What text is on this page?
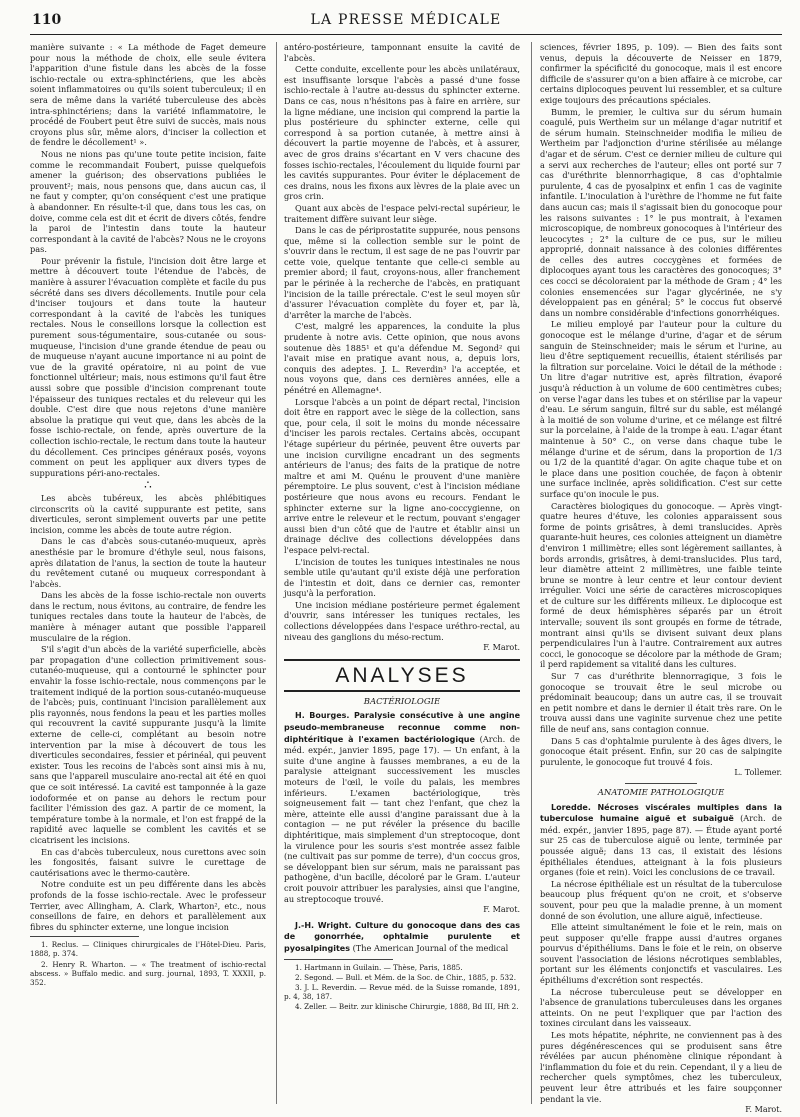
110	LA PRESSE MÉDICALE

manière suivante : « La méthode de Faget demeure pour nous la méthode de choix, elle seule évitera l'apparition d'une fistule dans les abcès de la fosse ischio-rectale ou extra-sphinctériens, que les abcès soient inflammatoires ou qu'ils soient tuberculeux; il en sera de même dans la variété tuberculeuse des abcès intra-sphinctériens; dans la variété inflammatoire, le procédé de Foubert peut être suivi de succès, mais nous croyons plus sûr, même alors, d'inciser la collection et de fendre le décollement¹ ».

Nous ne nions pas qu'une toute petite incision, faite comme le recommandait Foubert, puisse quelquefois amener la guérison; des observations publiées le prouvent²; mais, nous pensons que, dans aucun cas, il ne faut y compter, qu'on conséquent c'est une pratique à abandonner. En résulte-t-il que, dans tous les cas, on doive, comme cela est dit et écrit de divers côtés, fendre la paroi de l'intestin dans toute la hauteur correspondant à la cavité de l'abcès? Nous ne le croyons pas.

Pour prévenir la fistule, l'incision doit être large et mettre à découvert toute l'étendue de l'abcès, de manière à assurer l'évacuation complète et facile du pus sécrété dans ses divers décollements. Inutile pour cela d'inciser toujours et dans toute la hauteur correspondant à la cavité de l'abcès les tuniques rectales. Nous le conseillons lorsque la collection est purement sous-tégumentaire, sous-cutanée ou sous-muqueuse, l'incision d'une grande étendue de peau ou de muqueuse n'ayant aucune importance ni au point de vue de la gravité opératoire, ni au point de vue fonctionnel ultérieur; mais, nous estimons qu'il faut être aussi sobre que possible d'incision comprenant toute l'épaisseur des tuniques rectales et du releveur qui les double. C'est dire que nous rejetons d'une manière absolue la pratique qui veut que, dans les abcès de la fosse ischio-rectale, on fende, après ouverture de la collection ischio-rectale, le rectum dans toute la hauteur du décollement. Ces principes généraux posés, voyons comment on peut les appliquer aux divers types de suppurations péri-ano-rectales.

∴

Les abcès tubéreux, les abcès phlébitiques circonscrits où la cavité suppurante est petite, sans diverticules, seront simplement ouverts par une petite incision, comme les abcès de toute autre région.

Dans le cas d'abcès sous-cutanéo-muqueux, après anesthésie par le bromure d'éthyle seul, nous faisons, après dilatation de l'anus, la section de toute la hauteur du revêtement cutané ou muqueux correspondant à l'abcès.

Dans les abcès de la fosse ischio-rectale non ouverts dans le rectum, nous évitons, au contraire, de fendre les tuniques rectales dans toute la hauteur de l'abcès, de manière à ménager autant que possible l'appareil musculaire de la région.

S'il s'agit d'un abcès de la variété superficielle, abcès par propagation d'une collection primitivement sous-cutanéo-muqueuse, qui a contourné le sphincter pour envahir la fosse ischio-rectale, nous commençons par le traitement indiqué de la portion sous-cutanéo-muqueuse de l'abcès; puis, continuant l'incision parallèlement aux plis rayonnés, nous fendons la peau et les parties molles qui recouvrent la cavité suppurante jusqu'à la limite externe de celle-ci, complétant au besoin notre intervention par la mise à découvert de tous les diverticules secondaires, fessier et périnéal, qui peuvent exister. Tous les recoins de l'abcès sont ainsi mis à nu, sans que l'appareil musculaire ano-rectal ait été en quoi que ce soit intéressé. La cavité est tamponnée à la gaze iodoformée et on panse au dehors le rectum pour faciliter l'émission des gaz. A partir de ce moment, la température tombe à la normale, et l'on est frappé de la rapidité avec laquelle se comblent les cavités et se cicatrisent les incisions.

En cas d'abcès tuberculeux, nous curettons avec soin les fongosités, faisant suivre le curettage de cautérisations avec le thermo-cautère.

Notre conduite est un peu différente dans les abcès profonds de la fosse ischio-rectale. Avec le professeur Terrier, avec Allingham, A. Clark, Wharton², etc., nous conseillons de faire, en dehors et parallèlement aux fibres du sphincter externe, une longue incision

1. Reclus. — Cliniques chirurgicales de l'Hôtel-Dieu. Paris, 1888, p. 374.

2. Henry R. Wharton. — « The treatment of ischio-rectal abscess. » Buffalo medic. and surg. journal, 1893, T. XXXII, p. 352.

antéro-postérieure, tamponnant ensuite la cavité de l'abcès.

Cette conduite, excellente pour les abcès unilatéraux, est insuffisante lorsque l'abcès a passé d'une fosse ischio-rectale à l'autre au-dessus du sphincter externe. Dans ce cas, nous n'hésitons pas à faire en arrière, sur la ligne médiane, une incision qui comprend la partie la plus postérieure du sphincter externe, celle qui correspond à sa portion cutanée, à mettre ainsi à découvert la partie moyenne de l'abcès, et à assurer, avec de gros drains s'écartant en V vers chacune des fosses ischio-rectales, l'écoulement du liquide fourni par les cavités suppurantes. Pour éviter le déplacement de ces drains, nous les fixons aux lèvres de la plaie avec un gros crin.

Quant aux abcès de l'espace pelvi-rectal supérieur, le traitement diffère suivant leur siège.

Dans le cas de périprostatite suppurée, nous pensons que, même si la collection semble sur le point de s'ouvrir dans le rectum, il est sage de ne pas l'ouvrir par cette voie, quelque tentante que celle-ci semble au premier abord; il faut, croyons-nous, aller franchement par le périnée à la recherche de l'abcès, en pratiquant l'incision de la taille prérectale. C'est le seul moyen sûr d'assurer l'évacuation complète du foyer et, par là, d'arrêter la marche de l'abcès.

C'est, malgré les apparences, la conduite la plus prudente à notre avis. Cette opinion, que nous avons soutenue dès 1885¹ et qu'a défendue M. Segond² qui l'avait mise en pratique avant nous, a, depuis lors, conquis des adeptes. J. L. Reverdin³ l'a acceptée, et nous voyons que, dans ces dernières années, elle a pénétré en Allemagne⁴.

Lorsque l'abcès a un point de départ rectal, l'incision doit être en rapport avec le siège de la collection, sans que, pour cela, il soit le moins du monde nécessaire d'inciser les parois rectales. Certains abcès, occupant l'étage supérieur du périnée, peuvent être ouverts par une incision curviligne encadrant un des segments antérieurs de l'anus; des faits de la pratique de notre maître et ami M. Quénu le prouvent d'une manière péremptoire. Le plus souvent, c'est à l'incision médiane postérieure que nous avons eu recours. Fendant le sphincter externe sur la ligne ano-coccygienne, on arrive entre le releveur et le rectum, pouvant s'engager aussi bien d'un côté que de l'autre et établir ainsi un drainage déclive des collections développées dans l'espace pelvi-rectal.

L'incision de toutes les tuniques intestinales ne nous semble utile qu'autant qu'il existe déjà une perforation de l'intestin et doit, dans ce dernier cas, remonter jusqu'à la perforation.

Une incision médiane postérieure permet également d'ouvrir, sans intéresser les tuniques rectales, les collections développées dans l'espace uréthro-rectal, au niveau des ganglions du méso-rectum.

F. Marot.
ANALYSES
BACTÉRIOLOGIE

H. Bourges. Paralysie consécutive à une angine pseudo-membraneuse reconnue comme non-diphtéritique à l'examen bactériologique (Arch. de méd. expér., janvier 1895, page 17). — Un enfant, à la suite d'une angine à fausses membranes, a eu de la paralysie atteignant successivement les muscles moteurs de l'œil, le voile du palais, les membres inférieurs. L'examen bactériologique, très soigneusement fait — tant chez l'enfant, que chez la mère, atteinte elle aussi d'angine paraissant due à la contagion — ne put révéler la présence du bacille diphtéritique, mais simplement d'un streptocoque, dont la virulence pour les souris s'est montrée assez faible (ne cultivait pas sur pomme de terre), d'un coccus gros, se développant bien sur sérum, mais ne paraissant pas pathogène, d'un bacille, décoloré par le Gram. L'auteur croit pouvoir attribuer les paralysies, ainsi que l'angine, au streptocoque trouvé.

F. Marot.

J.-H. Wright. Culture du gonocoque dans des cas de gonorrhée, ophtalmie purulente et pyosalpingites (The American Journal of the medical

1. Hartmann in Guilain. — Thèse, Paris, 1885.

2. Segond. — Bull. et Mém. de la Soc. de Chir., 1885, p. 532.

3. J. L. Reverdin. — Revue méd. de la Suisse romande, 1891, p. 4, 38, 187.

4. Zeller. — Beitr. zur klinische Chirurgie, 1888, Bd III, Hft 2.

sciences, février 1895, p. 109). — Bien des faits sont venus, depuis la découverte de Neisser en 1879, confirmer la spécificité du gonocoque, mais il est encore difficile de s'assurer qu'on a bien affaire à ce microbe, car certains diplocoques peuvent lui ressembler, et sa culture exige toujours des précautions spéciales.

Bumm, le premier, le cultiva sur du sérum humain coagulé, puis Wertheim sur un mélange d'agar nutritif et de sérum humain. Steinschneider modifia le milieu de Wertheim par l'adjonction d'urine stérilisée au mélange d'agar et de sérum. C'est ce dernier milieu de culture qui a servi aux recherches de l'auteur; elles ont porté sur 7 cas d'uréthrite blennorrhagique, 8 cas d'ophtalmie purulente, 4 cas de pyosalpinx et enfin 1 cas de vaginite infantile. L'inoculation à l'urèthre de l'homme ne fut faite dans aucun cas; mais il s'agissait bien du gonocoque pour les raisons suivantes : 1° le pus montrait, à l'examen microscopique, de nombreux gonocoques à l'intérieur des leucocytes ; 2° la culture de ce pus, sur le milieu approprié, donnait naissance à des colonies différentes de celles des autres coccygènes et formées de diplocoques ayant tous les caractères des gonocoques; 3° ces cocci se décoloraient par la méthode de Gram ; 4° les colonies ensemencées sur l'agar glycérinée, ne s'y développaient pas en général; 5° le coccus fut observé dans un nombre considérable d'infections gonorrhéiques.

Le milieu employé par l'auteur pour la culture du gonocoque est le mélange d'urine, d'agar et de sérum sanguin de Steinschneider; mais le sérum et l'urine, au lieu d'être septiquement recueillis, étaient stérilisés par la filtration sur porcelaine. Voici le détail de la méthode : Un litre d'agar nutritive est, après filtration, évaporé jusqu'à réduction à un volume de 600 centimètres cubes; on verse l'agar dans les tubes et on stérilise par la vapeur d'eau. Le sérum sanguin, filtré sur du sable, est mélangé à la moitié de son volume d'urine, et ce mélange est filtré sur la porcelaine, à l'aide de la trompe à eau. L'agar étant maintenue à 50° C., on verse dans chaque tube le mélange d'urine et de sérum, dans la proportion de 1/3 ou 1/2 de la quantité d'agar. On agite chaque tube et on le place dans une position couchée, de façon à obtenir une surface inclinée, après solidification. C'est sur cette surface qu'on inocule le pus.

Caractères biologiques du gonocoque. — Après vingt-quatre heures d'étuve, les colonies apparaissent sous forme de points grisâtres, à demi translucides. Après quarante-huit heures, ces colonies atteignent un diamètre d'environ 1 millimètre; elles sont légèrement saillantes, à bords arrondis, grisâtres, à demi-translucides. Plus tard, leur diamètre atteint 2 millimètres, une faible teinte brune se montre à leur centre et leur contour devient irrégulier. Voici une série de caractères microscopiques et de culture sur les différents milieux. Le diplocoque est formé de deux hémisphères séparés par un étroit intervalle; souvent ils sont groupés en forme de tétrade, montrant ainsi qu'ils se divisent suivant deux plans perpendiculaires l'un à l'autre. Contrairement aux autres cocci, le gonocoque se décolore par la méthode de Gram; il perd rapidement sa vitalité dans les cultures.

Sur 7 cas d'uréthrite blennorragique, 3 fois le gonocoque se trouvait être le seul microbe ou prédominait beaucoup; dans un autre cas, il se trouvait en petit nombre et dans le dernier il était très rare. On le trouva aussi dans une vaginite survenue chez une petite fille de neuf ans, sans contagion connue.

Dans 5 cas d'ophtalmie purulente à des âges divers, le gonocoque était présent. Enfin, sur 20 cas de salpingite purulente, le gonocoque fut trouvé 4 fois.

L. Tollemer.
ANATOMIE PATHOLOGIQUE

Loredde. Nécroses viscérales multiples dans la tuberculose humaine aiguë et subaiguë (Arch. de méd. expér., janvier 1895, page 87). — Étude ayant porté sur 25 cas de tuberculose aiguë ou lente, terminée par poussée aiguë; dans 13 cas, il existait des lésions épithéliales étendues, atteignant à la fois plusieurs organes (foie et rein). Voici les conclusions de ce travail.

La nécrose épithéliale est un résultat de la tuberculose beaucoup plus fréquent qu'on ne croit, et s'observe souvent, pour peu que la maladie prenne, à un moment donné de son évolution, une allure aiguë, infectieuse.

Elle atteint simultanément le foie et le rein, mais on peut supposer qu'elle frappe aussi d'autres organes pourvus d'épithéliums. Dans le foie et le rein, on observe souvent l'association de lésions nécrotiques semblables, portant sur les éléments conjonctifs et vasculaires. Les épithéliums d'excrétion sont respectés.

La nécrose tuberculeuse peut se développer en l'absence de granulations tuberculeuses dans les organes atteints. On ne peut l'expliquer que par l'action des toxines circulant dans les vaisseaux.

Les mots hépatite, néphrite, ne conviennent pas à des pures dégénérescences qui se produisent sans être révélées par aucun phénomène clinique répondant à l'inflammation du foie et du rein. Cependant, il y a lieu de rechercher quels symptômes, chez les tuberculeux, peuvent leur être attribués et les faire soupçonner pendant la vie.

F. Marot.
